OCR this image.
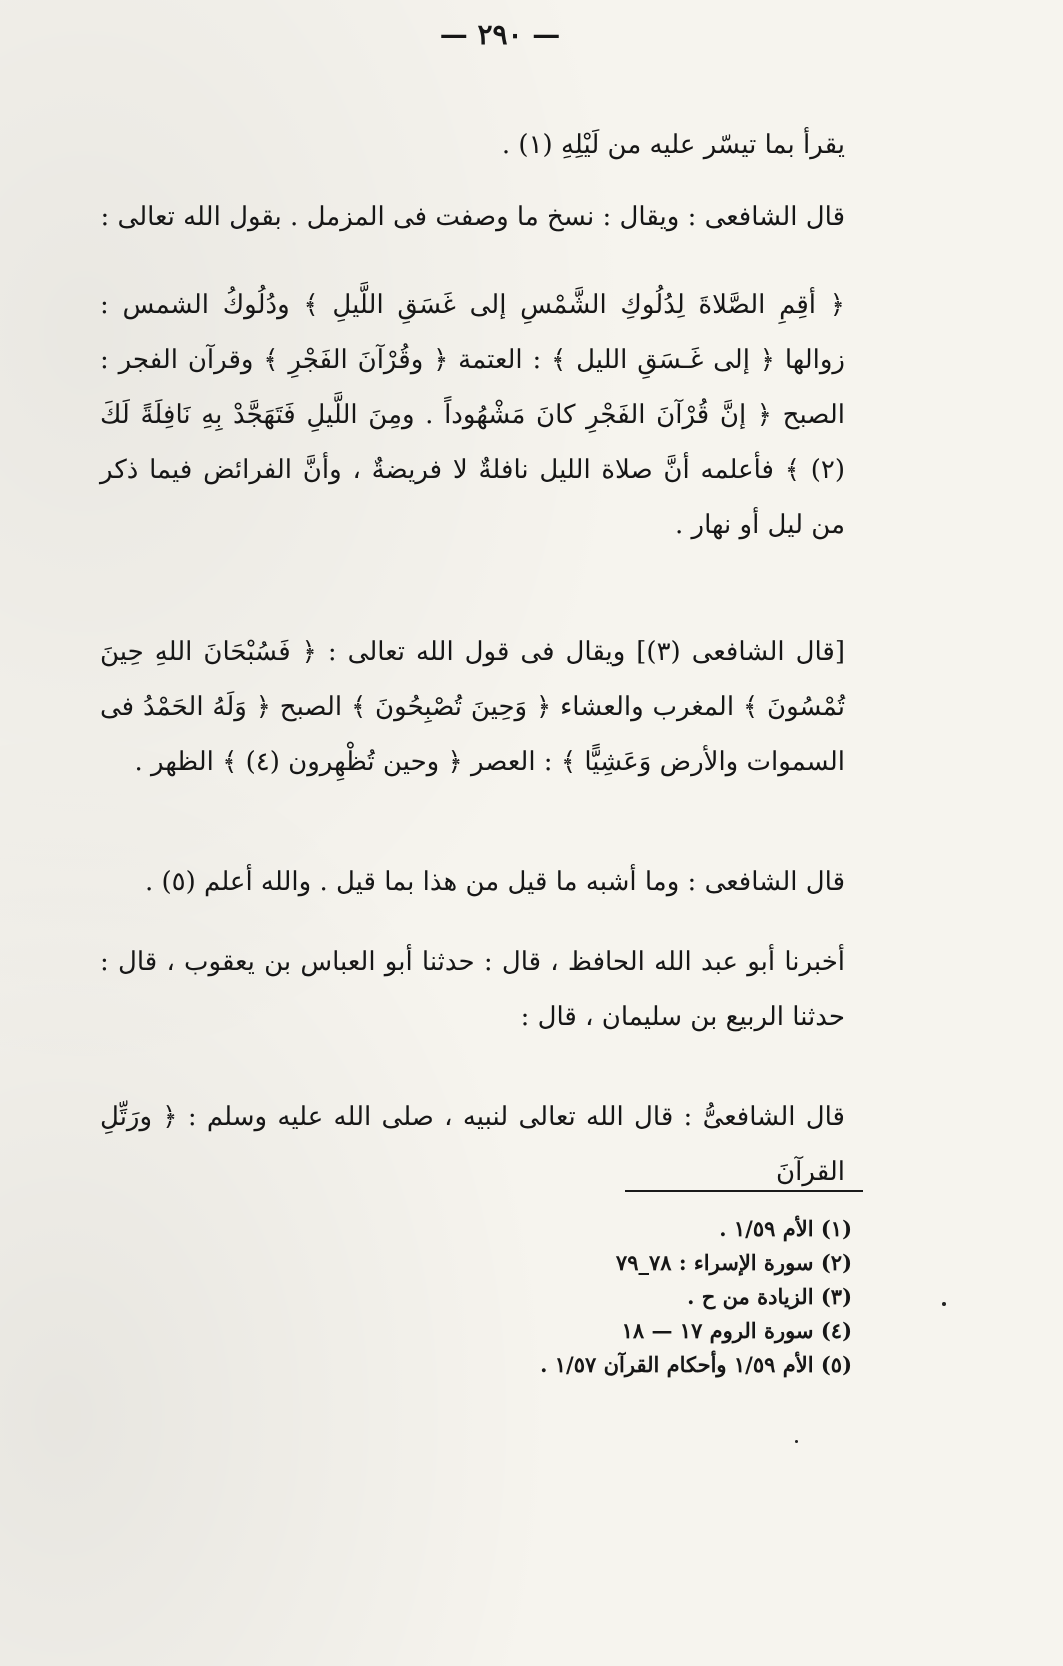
— ٢٩٠ —
يقرأ بما تيسّر عليه من لَيْلِهِ (١) .
قال الشافعى : ويقال : نسخ ما وصفت فى المزمل . بقول الله تعالى :
﴿ أقِمِ الصَّلاةَ لِدُلُوكِ الشَّمْسِ إلى غَسَقِ اللَّيلِ ﴾ ودُلُوكُ الشمس : زوالها ﴿ إلى غَـسَقِ الليل ﴾ : العتمة ﴿ وقُرْآنَ الفَجْرِ ﴾ وقرآن الفجر : الصبح ﴿ إنَّ قُرْآنَ الفَجْرِ كانَ مَشْهُوداً . ومِنَ اللَّيلِ فَتَهَجَّدْ بِهِ نَافِلَةً لَكَ (٢) ﴾ فأعلمه أنَّ صلاة الليل نافلةٌ لا فريضةٌ ، وأنَّ الفرائض فيما ذكر من ليل أو نهار .
[قال الشافعى (٣)] ويقال فى قول الله تعالى : ﴿ فَسُبْحَانَ اللهِ حِينَ تُمْسُونَ ﴾ المغرب والعشاء ﴿ وَحِينَ تُصْبِحُونَ ﴾ الصبح ﴿ وَلَهُ الحَمْدُ فى السموات والأرض وَعَشِيًّا ﴾ : العصر ﴿ وحين تُظْهِرون (٤) ﴾ الظهر .
قال الشافعى : وما أشبه ما قيل من هذا بما قيل . والله أعلم (٥) .
أخبرنا أبو عبد الله الحافظ ، قال : حدثنا أبو العباس بن يعقوب ، قال : حدثنا الربيع بن سليمان ، قال :
قال الشافعىُّ : قال الله تعالى لنبيه ، صلى الله عليه وسلم : ﴿ ورَتِّلِ القرآنَ
(١) الأم ١/٥٩ .
(٢) سورة الإسراء : ٧٨_٧٩
(٣) الزيادة من ح .
(٤) سورة الروم ١٧ — ١٨
(٥) الأم ١/٥٩ وأحكام القرآن ١/٥٧ .
